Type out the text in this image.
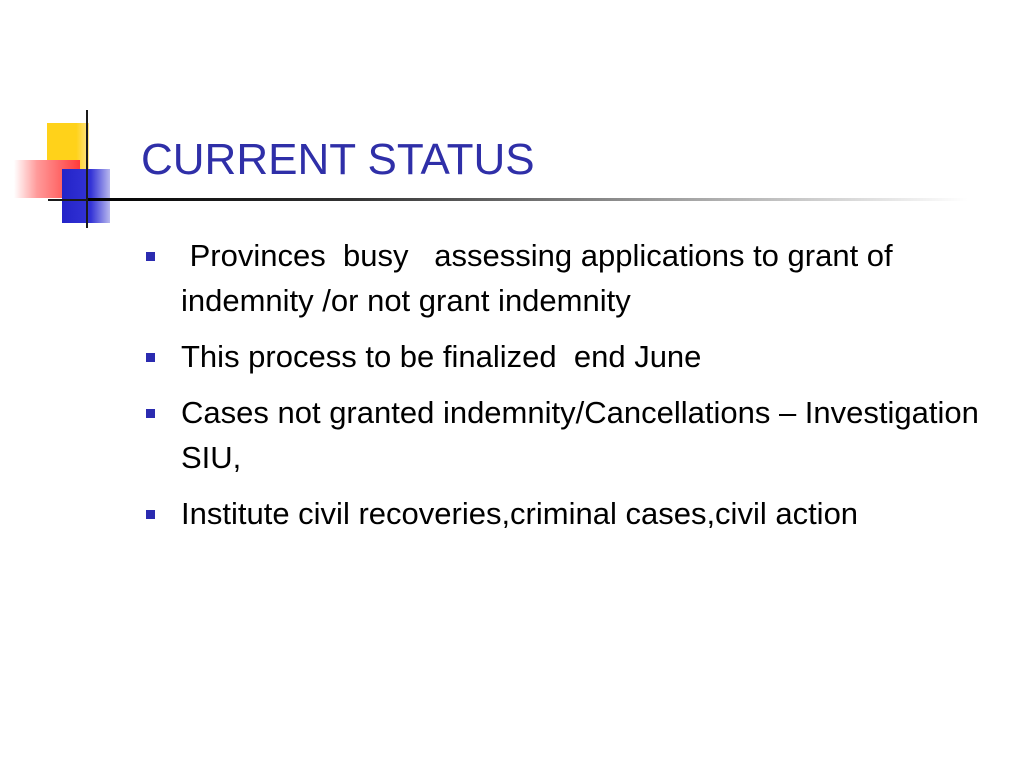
CURRENT STATUS
Provinces  busy   assessing applications to grant of indemnity /or not grant indemnity
This process to be finalized  end June
Cases not granted indemnity/Cancellations – Investigation  SIU,
Institute civil recoveries,criminal cases,civil action
